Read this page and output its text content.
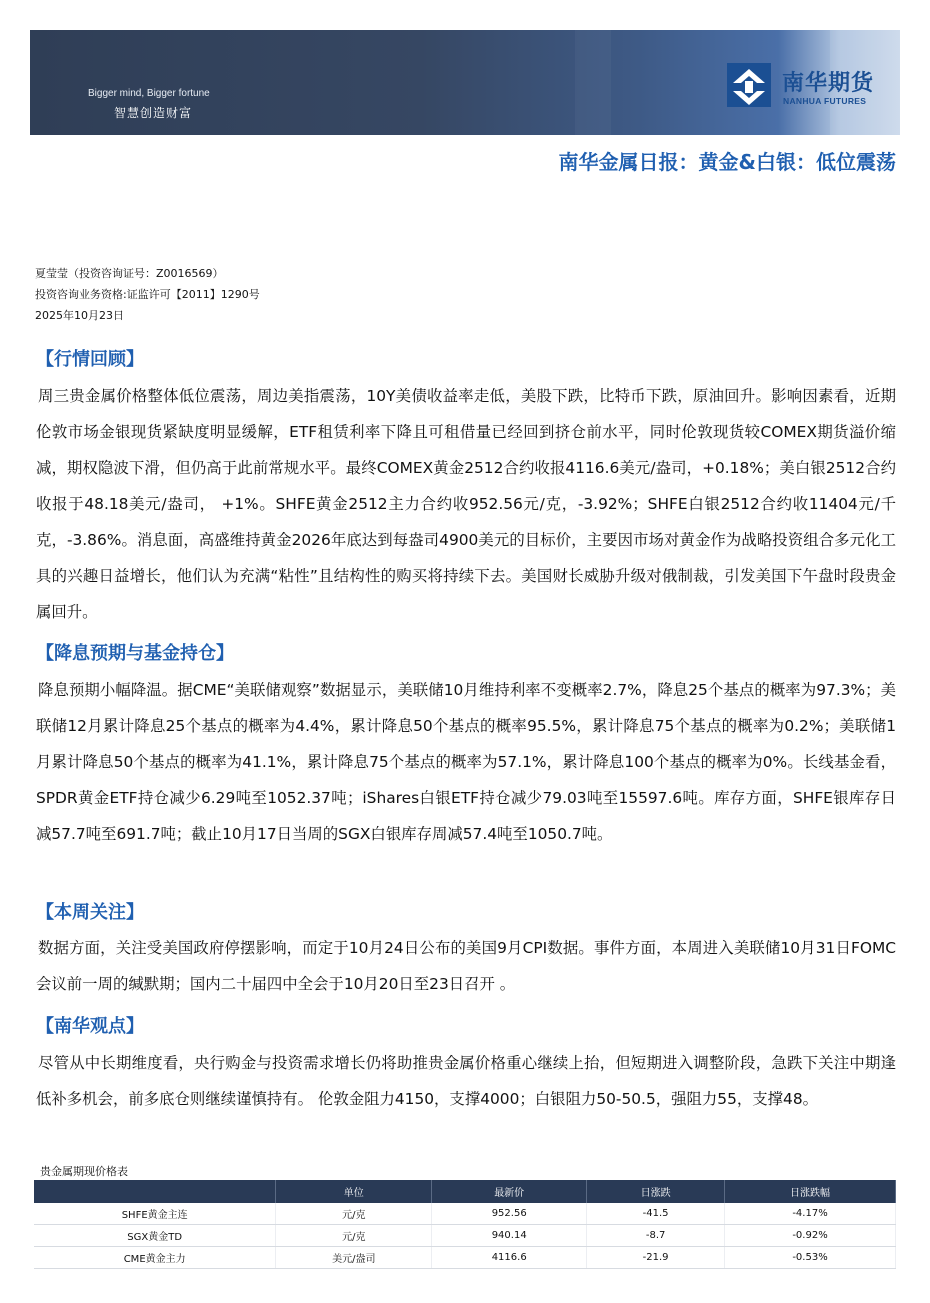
Bigger mind, Bigger fortune
智慧创造财富
南华期货
NANHUA FUTURES
南华金属日报：黄金&白银：低位震荡
夏莹莹（投资咨询证号：Z0016569）
投资咨询业务资格:证监许可【2011】1290号
2025年10月23日
【行情回顾】

周三贵金属价格整体低位震荡，周边美指震荡，10Y美债收益率走低，美股下跌，比特币下跌，原油回升。影响因素看，近期伦敦市场金银现货紧缺度明显缓解，ETF租赁利率下降且可租借量已经回到挤仓前水平，同时伦敦现货较COMEX期货溢价缩减，期权隐波下滑，但仍高于此前常规水平。最终COMEX黄金2512合约收报4116.6美元/盎司，+0.18%；美白银2512合约收报于48.18美元/盎司， +1%。SHFE黄金2512主力合约收952.56元/克，-3.92%；SHFE白银2512合约收11404元/千克，-3.86%。消息面，高盛维持黄金2026年底达到每盎司4900美元的目标价，主要因市场对黄金作为战略投资组合多元化工具的兴趣日益增长，他们认为充满“粘性”且结构性的购买将持续下去。美国财长威胁升级对俄制裁，引发美国下午盘时段贵金属回升。

【降息预期与基金持仓】

降息预期小幅降温。据CME“美联储观察”数据显示，美联储10月维持利率不变概率2.7%，降息25个基点的概率为97.3%；美联储12月累计降息25个基点的概率为4.4%，累计降息50个基点的概率95.5%，累计降息75个基点的概率为0.2%；美联储1月累计降息50个基点的概率为41.1%，累计降息75个基点的概率为57.1%，累计降息100个基点的概率为0%。长线基金看，SPDR黄金ETF持仓减少6.29吨至1052.37吨；iShares白银ETF持仓减少79.03吨至15597.6吨。库存方面，SHFE银库存日减57.7吨至691.7吨；截止10月17日当周的SGX白银库存周减57.4吨至1050.7吨。

【本周关注】

数据方面，关注受美国政府停摆影响，而定于10月24日公布的美国9月CPI数据。事件方面，本周进入美联储10月31日FOMC会议前一周的缄默期；国内二十届四中全会于10月20日至23日召开 。

【南华观点】

尽管从中长期维度看，央行购金与投资需求增长仍将助推贵金属价格重心继续上抬，但短期进入调整阶段，急跌下关注中期逢低补多机会，前多底仓则继续谨慎持有。 伦敦金阻力4150，支撑4000；白银阻力50-50.5，强阻力55，支撑48。

贵金属期现价格表
	单位	最新价	日涨跌	日涨跌幅
SHFE黄金主连	元/克	952.56	-41.5	-4.17%
SGX黄金TD	元/克	940.14	-8.7	-0.92%
CME黄金主力	美元/盎司	4116.6	-21.9	-0.53%
